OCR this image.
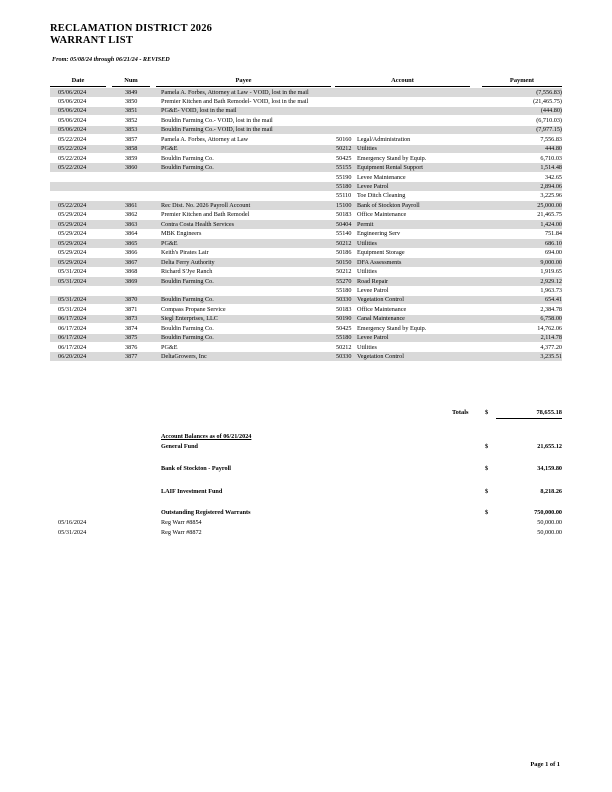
RECLAMATION DISTRICT 2026
WARRANT LIST
From: 05/08/24 through 06/21/24 - REVISED
Date	Num	Payee	Account	Payment
05/06/2024	3849	Pamela A. Forbes, Attorney at Law - VOID, lost in the mail	(7,556.83)
05/06/2024	3850	Premier Kitchen and Bath Remodel- VOID, lost in the mail	(21,465.75)
05/06/2024	3851	PG&E- VOID, lost in the mail	(444.80)
05/06/2024	3852	Bouldin Farming Co.- VOID, lost in the mail	(6,710.03)
05/06/2024	3853	Bouldin Farming Co.- VOID, lost in the mail	(7,977.15)
05/22/2024	3857	Pamela A. Forbes, Attorney at Law	50160 Legal/Administration	7,556.83
05/22/2024	3858	PG&E	50212 Utilities	444.80
05/22/2024	3859	Bouldin Farming Co.	50425 Emergency Stand by Equip.	6,710.03
05/22/2024	3860	Bouldin Farming Co.	55155 Equipment Rental Support	1,514.48
55190 Levee Maintenance	342.65
55180 Levee Patrol	2,894.06
55110 Toe Ditch Cleaning	3,225.96
05/22/2024	3861	Rec Dist. No. 2026 Payroll Account	15100 Bank of Stockton Payroll	25,000.00
05/29/2024	3862	Premier Kitchen and Bath Remodel	50183 Office Maintenance	21,465.75
05/29/2024	3863	Contra Costa Health Services	50404 Permit	1,424.00
05/29/2024	3864	MBK Engineers	55140 Engineering Serv	751.84
05/29/2024	3865	PG&E	50212 Utilities	686.10
05/29/2024	3866	Keith's Pirates Lair	50186 Equipment Storage	694.00
05/29/2024	3867	Delta Ferry Authority	50150 DFA Assessments	9,000.00
05/31/2024	3868	Richard S'Jye Ranch	50212 Utilities	1,919.65
05/31/2024	3869	Bouldin Farming Co.	55270 Road Repair	2,929.12
55180 Levee Patrol	1,963.73
05/31/2024	3870	Bouldin Farming Co.	50330 Vegetation Control	654.41
05/31/2024	3871	Compass Propane Service	50183 Office Maintenance	2,384.78
06/17/2024	3873	Siegl Enterprises, LLC	50190 Canal Maintenance	6,758.00
06/17/2024	3874	Bouldin Farming Co.	50425 Emergency Stand by Equip.	14,762.06
06/17/2024	3875	Bouldin Farming Co.	55180 Levee Patrol	2,114.78
06/17/2024	3876	PG&E	50212 Utilities	4,377.20
06/20/2024	3877	DeltaGrowers, Inc	50330 Vegetation Control	3,235.51
Totals	$	78,655.18
Account Balances as of 06/21/2024
General Fund	$	21,655.12
Bank of Stockton - Payroll	$	34,159.80
LAIF Investment Fund	$	8,218.26
Outstanding Registered Warrants	$	750,000.00
05/16/2024	Reg Warr #8854	50,000.00
05/31/2024	Reg Warr #8872	50,000.00
Page 1 of 1
